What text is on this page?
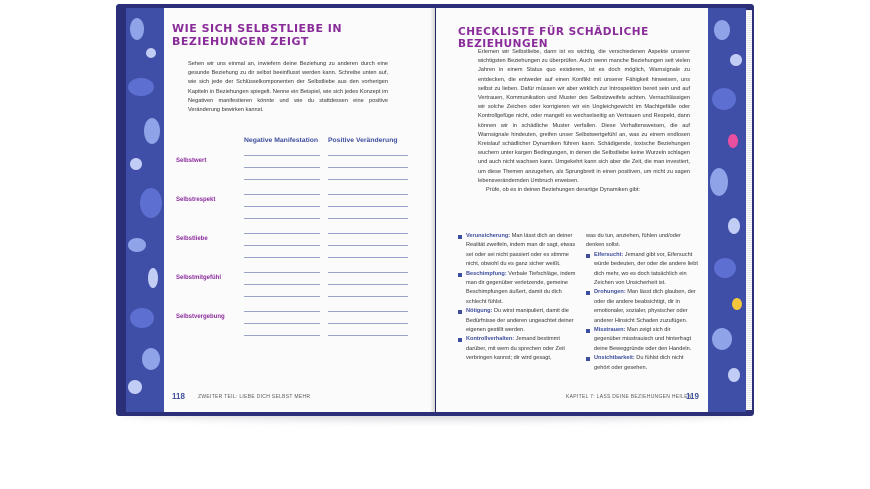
WIE SICH SELBSTLIEBE IN BEZIEHUNGEN ZEIGT

Sehen wir uns einmal an, inwiefern deine Beziehung zu anderen durch eine gesunde Beziehung zu dir selbst beeinflusst werden kann. Schreibe unten auf, wie sich jede der Schlüsselkomponenten der Selbstliebe aus den vorherigen Kapiteln in Beziehungen spiegelt. Nenne ein Beispiel, wie sich jedes Konzept im Negativen manifestieren könnte und wie du stattdessen eine positive Veränderung bewirken kannst.

Negative Manifestation Positive Veränderung
Selbstwert
Selbstrespekt
Selbstliebe
Selbstmitgefühl
Selbstvergebung
118	ZWEITER TEIL: LIEBE DICH SELBST MEHR
CHECKLISTE FÜR SCHÄDLICHE BEZIEHUNGEN

Erlernen wir Selbstliebe, dann ist es wichtig, die verschiedenen Aspekte unserer wichtigsten Beziehungen zu überprüfen. Auch wenn manche Beziehungen seit vielen Jahren in einem Status quo existieren, ist es doch möglich, Warnsignale zu entdecken, die entweder auf einen Konflikt mit unserer Fähigkeit hinweisen, uns selbst zu lieben. Dafür müssen wir aber wirklich zur Introspektion bereit sein und auf Vertrauen, Kommunikation und Muster des Selbstzweifels achten. Vernachlässigen wir solche Zeichen oder korrigieren wir ein Ungleichgewicht im Machtgefälle oder Kontrollgefüge nicht, oder mangelt es wechselseitig an Vertrauen und Respekt, dann können wir in schädliche Muster verfallen. Diese Verhaltensweisen, die auf Warnsignale hindeuten, greifen unser Selbstwertgefühl an, was zu einem endlosen Kreislauf schädlicher Dynamiken führen kann. Schädigende, toxische Beziehungen wuchern unter kargen Bedingungen, in denen die Selbstliebe keine Wurzeln schlagen und auch nicht wachsen kann. Umgekehrt kann sich aber die Zeit, die man investiert, um diese Themen anzugehen, als Sprungbrett in einen positiven, um nicht zu sagen lebensverändernden Umbruch erweisen.

Prüfe, ob es in deinen Beziehungen derartige Dynamiken gibt:

Verunsicherung: Man lässt dich an deiner Realität zweifeln, indem man dir sagt, etwas sei oder sei nicht passiert oder es stimme nicht, obwohl du es ganz sicher weißt.
Beschimpfung: Verbale Tiefschläge, indem man dir gegenüber verletzende, gemeine Beschimpfungen äußert, damit du dich schlecht fühlst.
Nötigung: Du wirst manipuliert, damit die Bedürfnisse der anderen ungeachtet deiner eigenen gestillt werden.
Kontrollverhalten: Jemand bestimmt darüber, mit wem du sprechen oder Zeit verbringen kannst; dir wird gesagt,
was du tun, anziehen, fühlen und/oder denken sollst.
Eifersucht: Jemand gibt vor, Eifersucht würde bedeuten, der oder die andere liebt dich mehr, wo es doch tatsächlich ein Zeichen von Unsicherheit ist.
Drohungen: Man lässt dich glauben, der oder die andere beabsichtigt, dir in emotionaler, sozialer, physischer oder anderer Hinsicht Schaden zuzufügen.
Misstrauen: Man zeigt sich dir gegenüber misstrauisch und hinterfragt deine Beweggründe oder den Handeln.
Unsichtbarkeit: Du fühlst dich nicht gehört oder gesehen.
KAPITEL 7: LASS DEINE BEZIEHUNGEN HEILEN
119
